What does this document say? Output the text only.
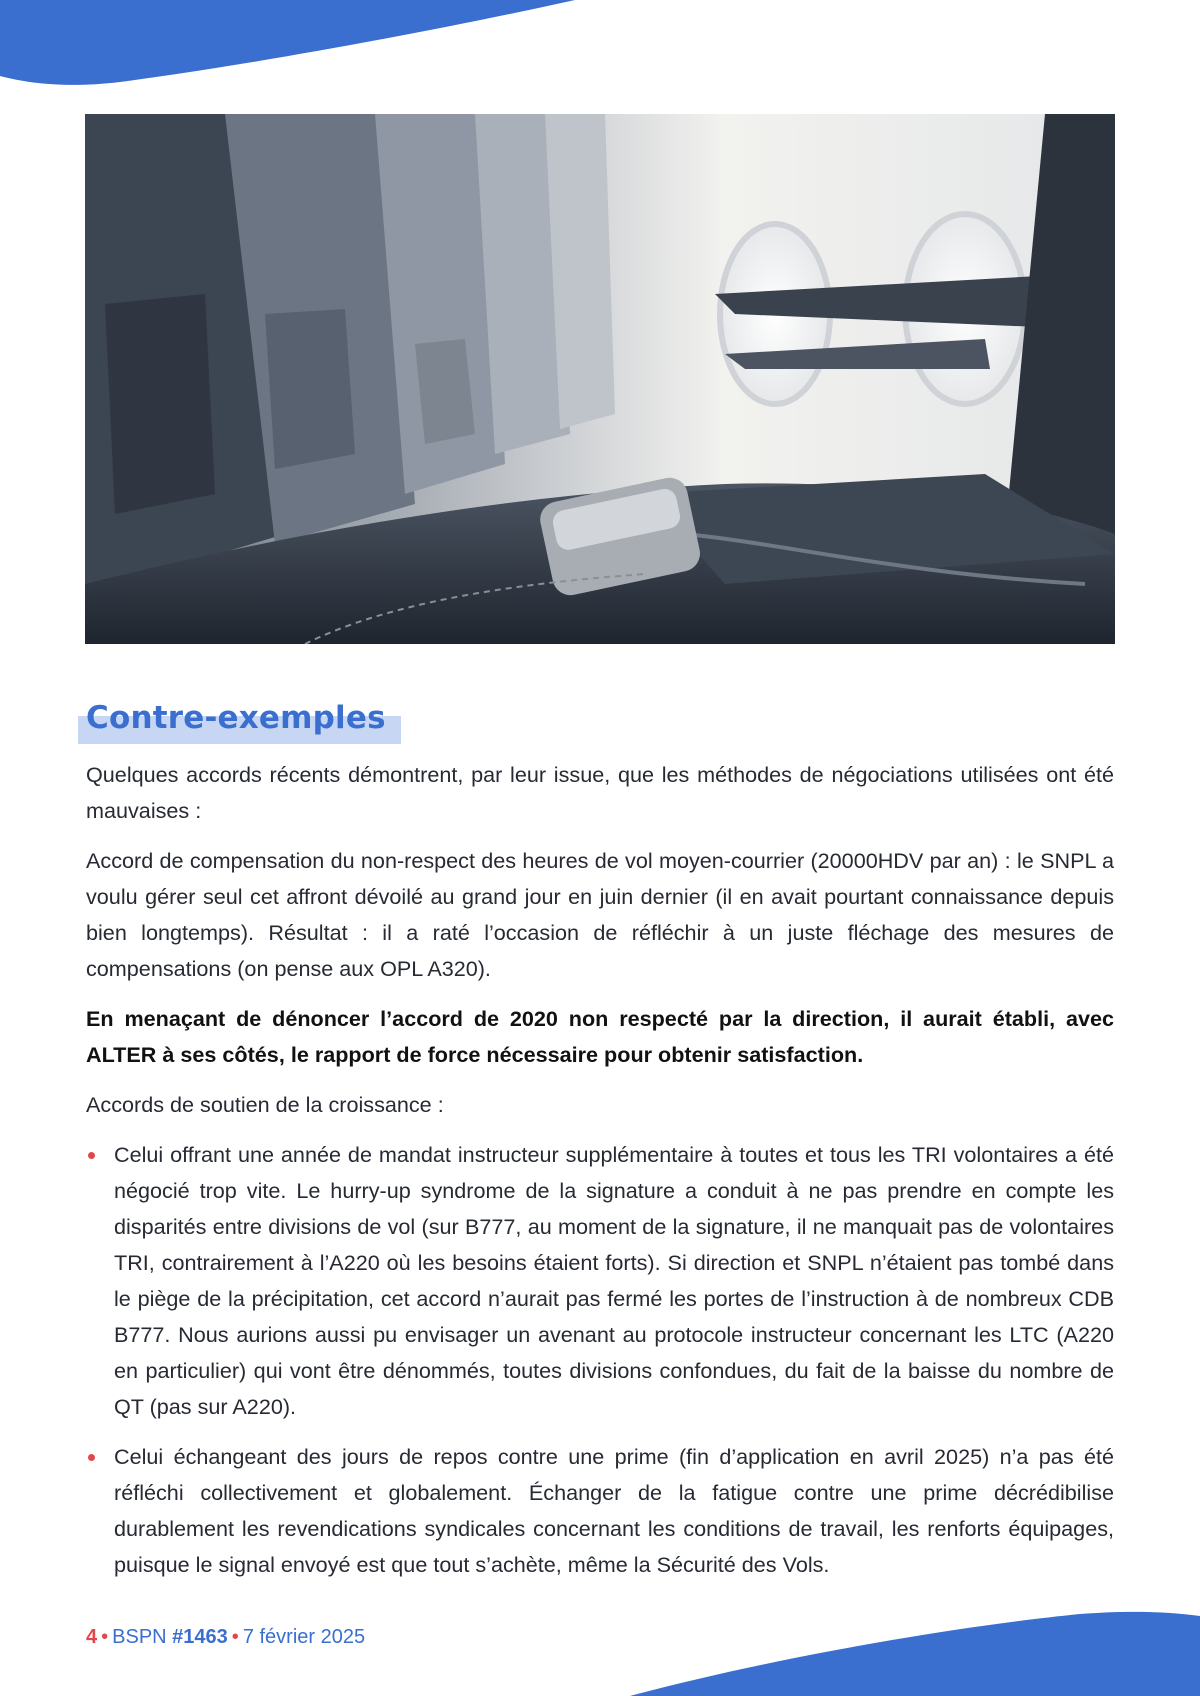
Contre-exemples

Quelques accords récents démontrent, par leur issue, que les méthodes de négociations utilisées ont été mauvaises :

Accord de compensation du non-respect des heures de vol moyen-courrier (20000HDV par an) : le SNPL a voulu gérer seul cet affront dévoilé au grand jour en juin dernier (il en avait pourtant connaissance depuis bien longtemps). Résultat : il a raté l’occasion de réfléchir à un juste fléchage des mesures de compensations (on pense aux OPL A320).

En menaçant de dénoncer l’accord de 2020 non respecté par la direction, il aurait établi, avec ALTER à ses côtés, le rapport de force nécessaire pour obtenir satisfaction.

Accords de soutien de la croissance :

Celui offrant une année de mandat instructeur supplémentaire à toutes et tous les TRI volontaires a été négocié trop vite. Le hurry-up syndrome de la signature a conduit à ne pas prendre en compte les disparités entre divisions de vol (sur B777, au moment de la signature, il ne manquait pas de volontaires TRI, contrairement à l’A220 où les besoins étaient forts). Si direction et SNPL n’étaient pas tombé dans le piège de la précipitation, cet accord n’aurait pas fermé les portes de l’instruction à de nombreux CDB B777. Nous aurions aussi pu envisager un avenant au protocole instructeur concernant les LTC (A220 en particulier) qui vont être dénommés, toutes divisions confondues, du fait de la baisse du nombre de QT (pas sur A220).
Celui échangeant des jours de repos contre une prime (fin d’application en avril 2025) n’a pas été réfléchi collectivement et globalement. Échanger de la fatigue contre une prime décrédibilise durablement les revendications syndicales concernant les conditions de travail, les renforts équipages, puisque le signal envoyé est que tout s’achète, même la Sécurité des Vols.
4 • BSPN #1463 • 7 février 2025
